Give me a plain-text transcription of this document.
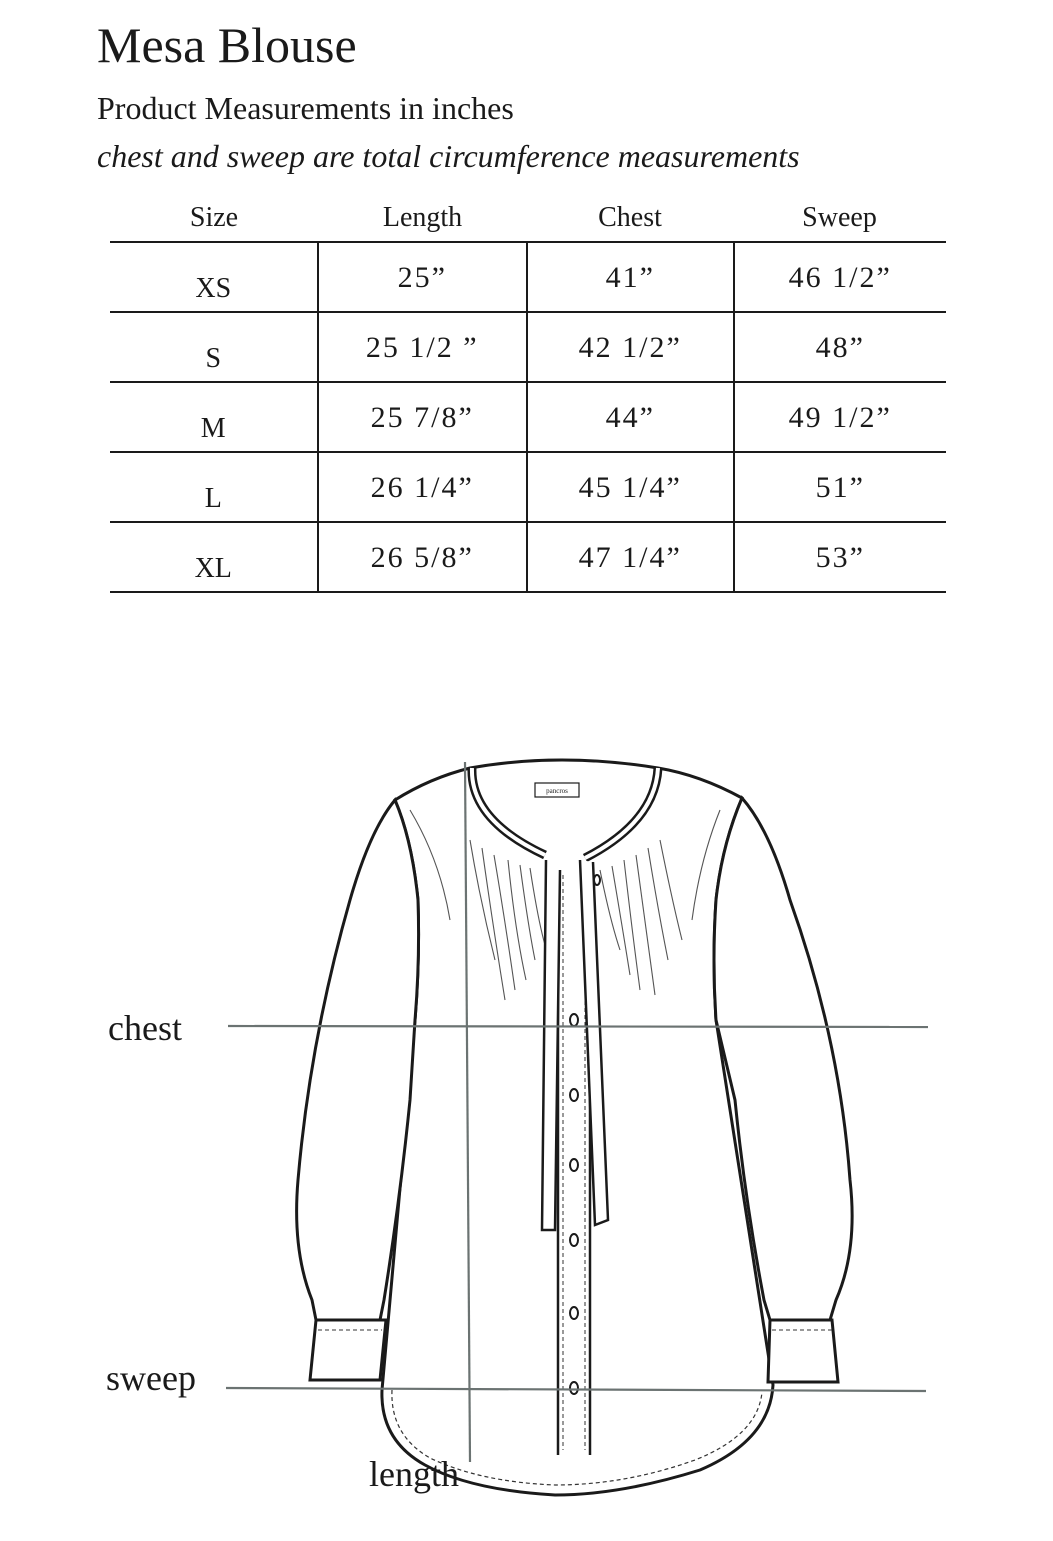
Mesa Blouse
Product Measurements in inches
chest and sweep are total circumference measurements
Size	Length	Chest	Sweep
XS	25”	41”	46 1/2”
S	25 1/2 ”	42 1/2”	48”
M	25 7/8”	44”	49 1/2”
L	26 1/4”	45 1/4”	51”
XL	26 5/8”	47 1/4”	53”
pancros
chest
sweep
length
